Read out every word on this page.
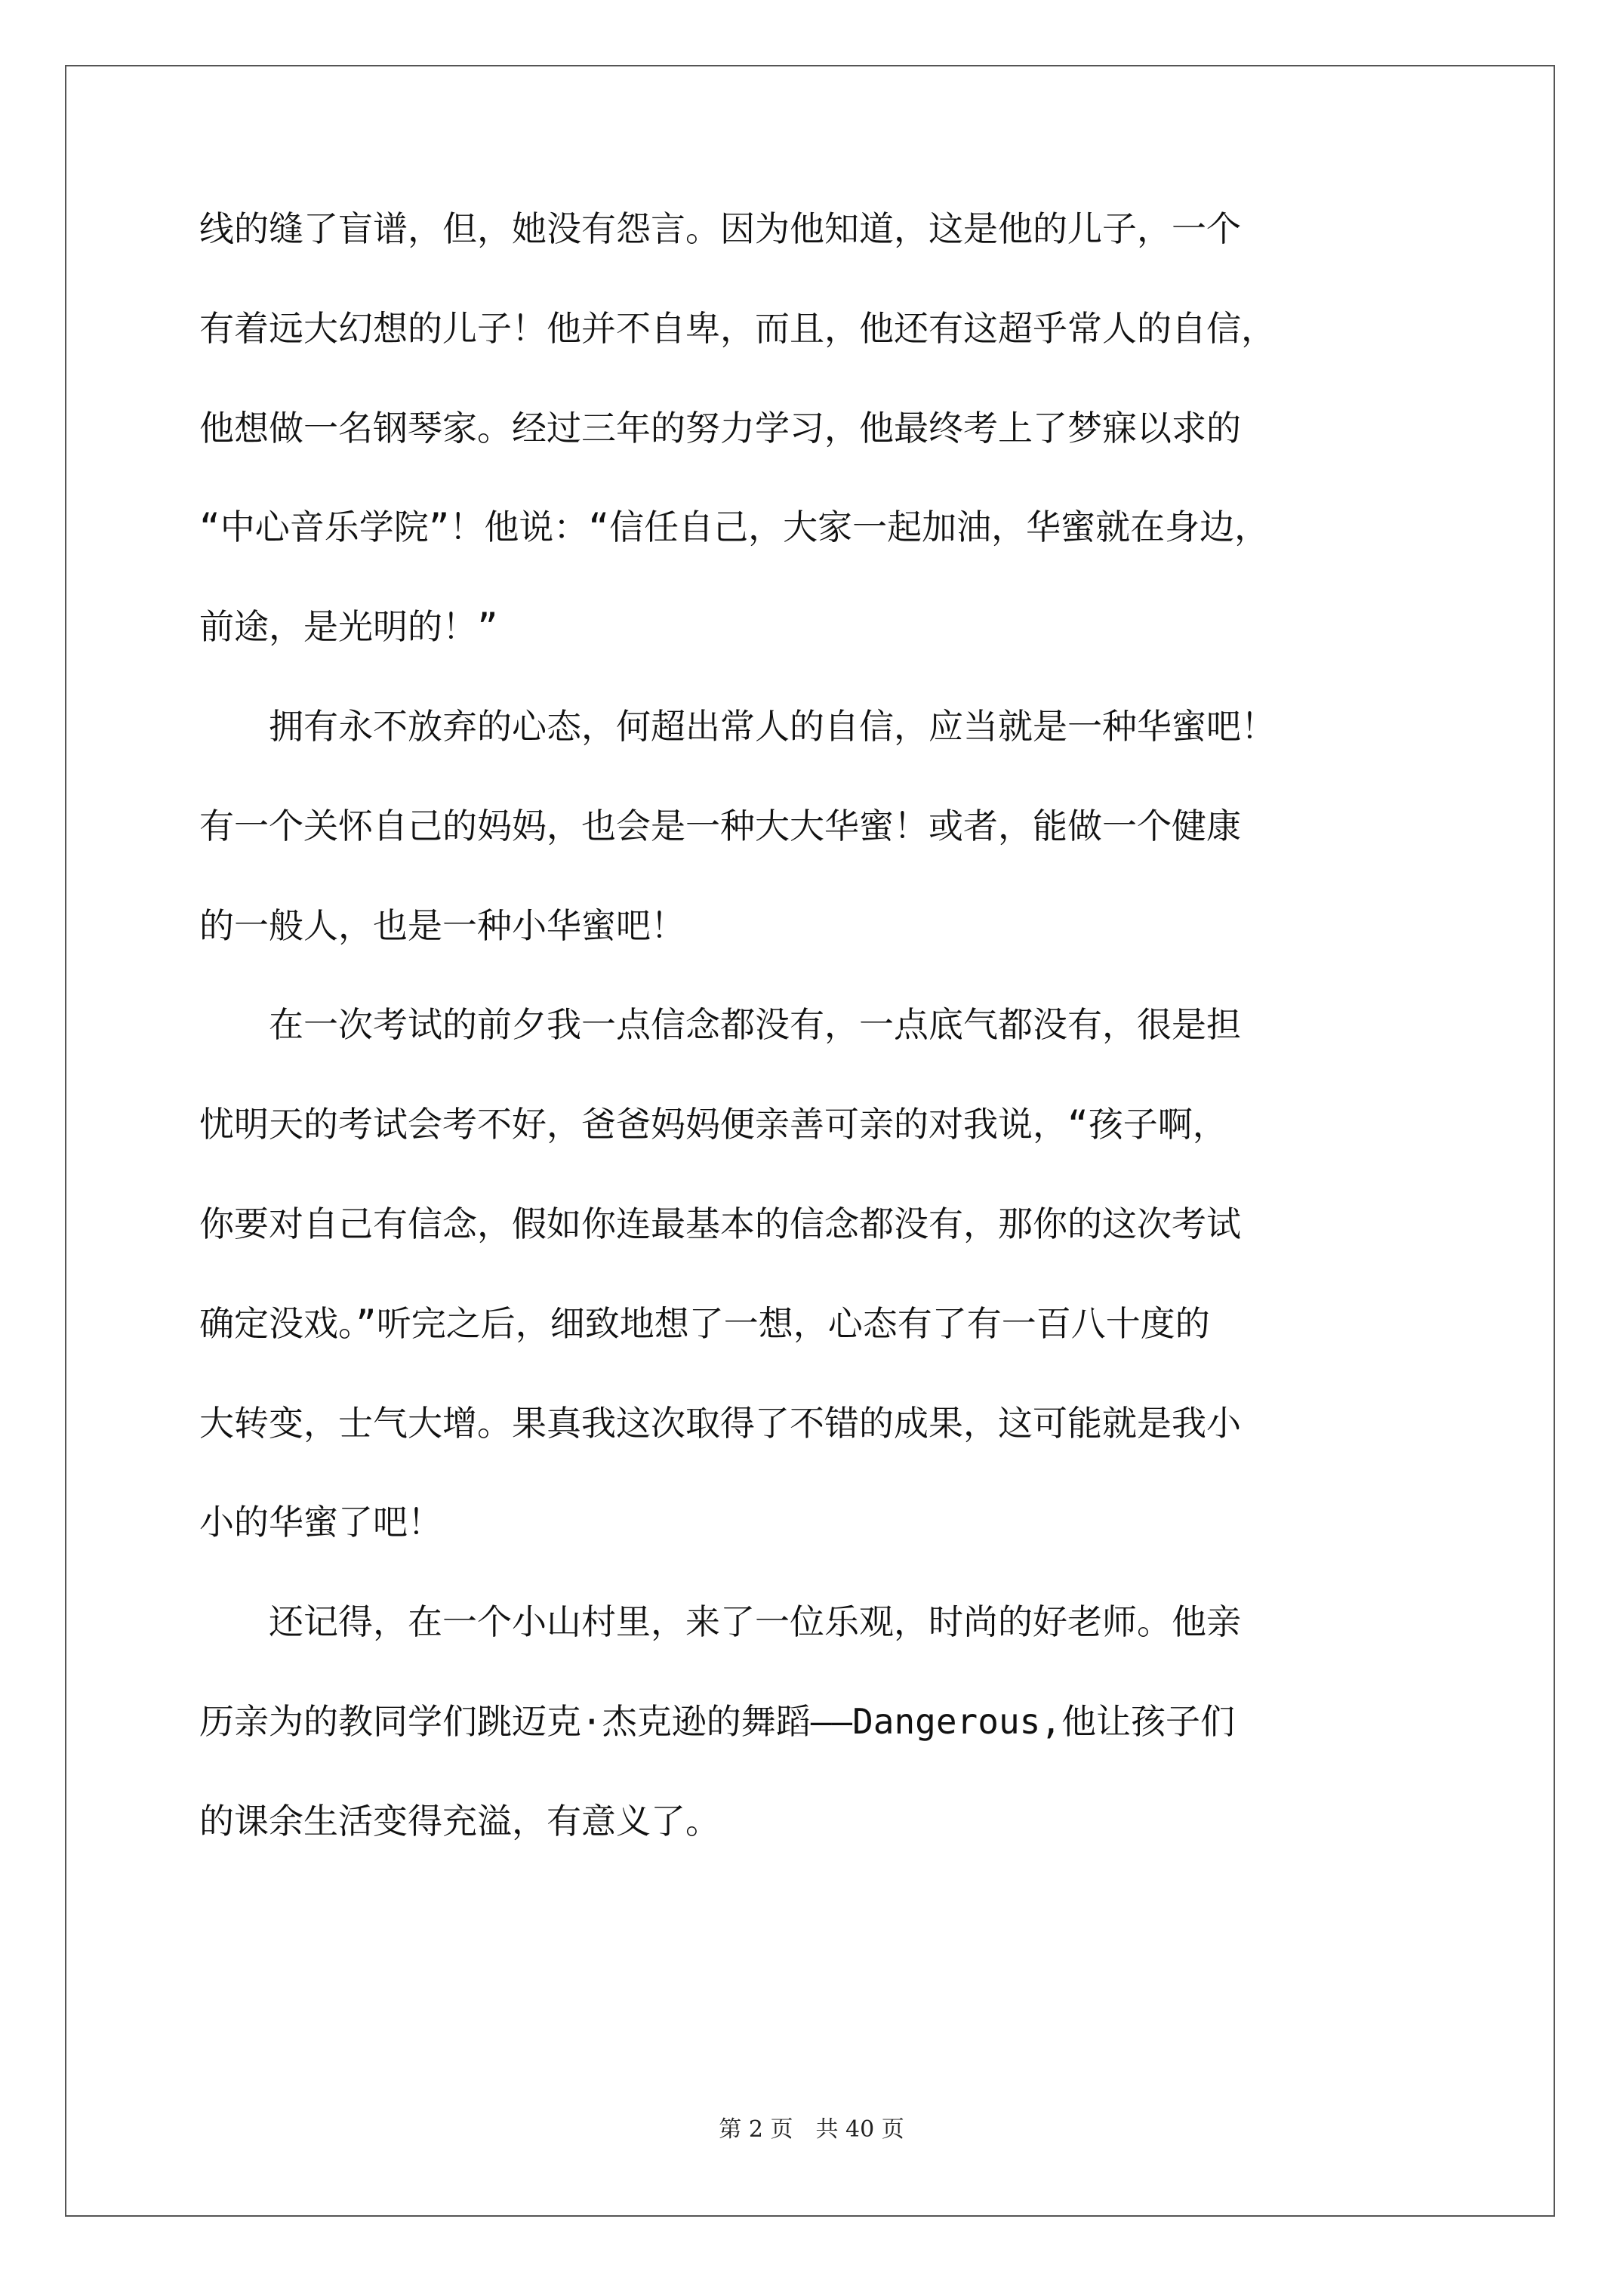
线的缝了盲谱，但，她没有怨言。因为他知道，这是他的儿子，一个
有着远大幻想的儿子！他并不自卑，而且，他还有这超乎常人的自信，
他想做一名钢琴家。经过三年的努力学习，他最终考上了梦寐以求的
“中心音乐学院”！他说：“信任自己，大家一起加油，华蜜就在身边，
前途，是光明的！”
　　拥有永不放弃的心态，何超出常人的自信，应当就是一种华蜜吧！
有一个关怀自己的妈妈，也会是一种大大华蜜！或者，能做一个健康
的一般人，也是一种小华蜜吧！
　　在一次考试的前夕我一点信念都没有，一点底气都没有，很是担
忧明天的考试会考不好，爸爸妈妈便亲善可亲的对我说，“孩子啊，
你要对自己有信念，假如你连最基本的信念都没有，那你的这次考试
确定没戏。”听完之后，细致地想了一想，心态有了有一百八十度的
大转变，士气大增。果真我这次取得了不错的成果，这可能就是我小
小的华蜜了吧！
　　还记得，在一个小山村里，来了一位乐观，时尚的好老师。他亲
历亲为的教同学们跳迈克·杰克逊的舞蹈——Dangerous,他让孩子们
的课余生活变得充溢，有意义了。
第 2 页　共 40 页
